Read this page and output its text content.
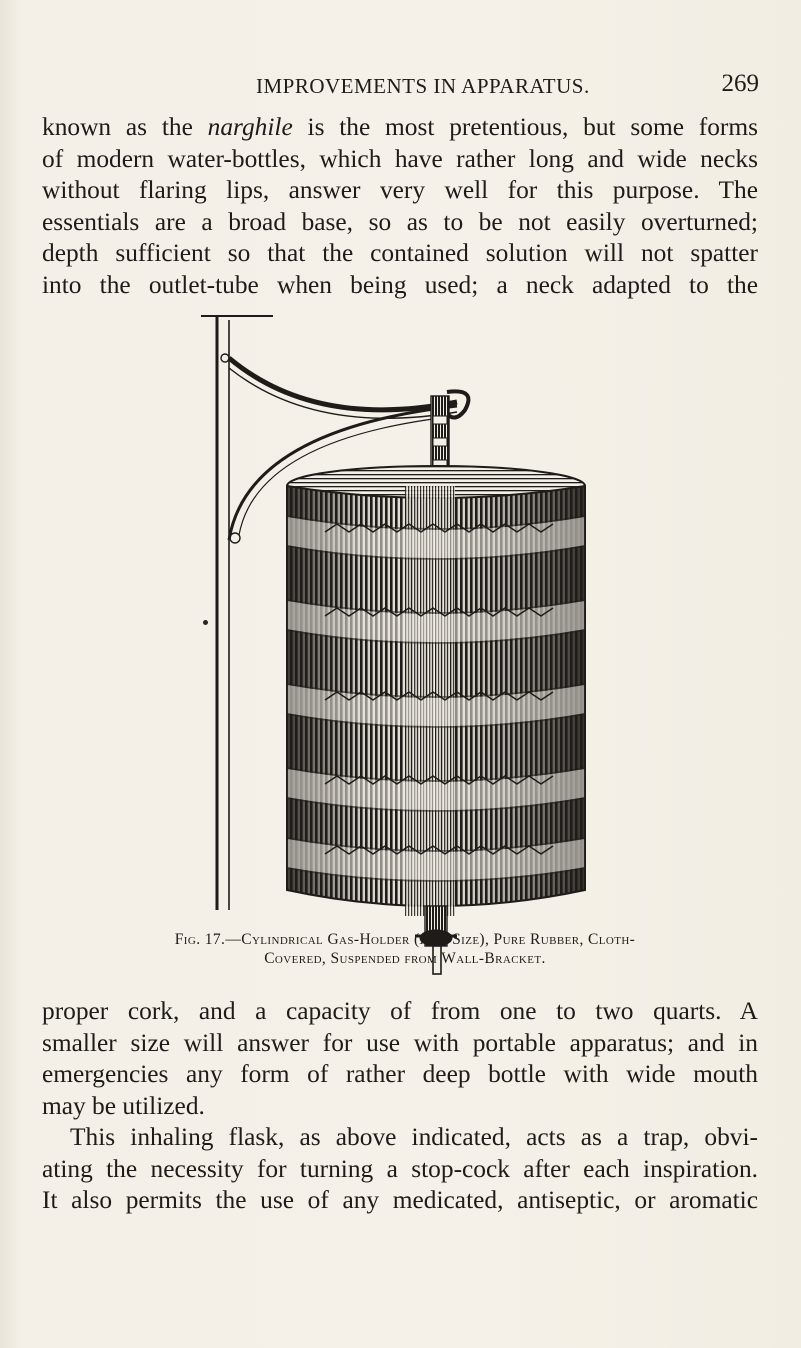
IMPROVEMENTS IN APPARATUS.	269
known as the narghile is the most pretentious, but some forms
of modern water-bottles, which have rather long and wide necks
without flaring lips, answer very well for this purpose. The
essentials are a broad base, so as to be not easily overturned;
depth sufficient so that the contained solution will not spatter
into the outlet-tube when being used; a neck adapted to the
Fig. 17.—Cylindrical Gas-Holder (Any Size), Pure Rubber, Cloth-
Covered, Suspended from Wall-Bracket.
proper cork, and a capacity of from one to two quarts. A
smaller size will answer for use with portable apparatus; and in
emergencies any form of rather deep bottle with wide mouth
may be utilized.
This inhaling flask, as above indicated, acts as a trap, obvi-
ating the necessity for turning a stop-cock after each inspiration.
It also permits the use of any medicated, antiseptic, or aromatic
